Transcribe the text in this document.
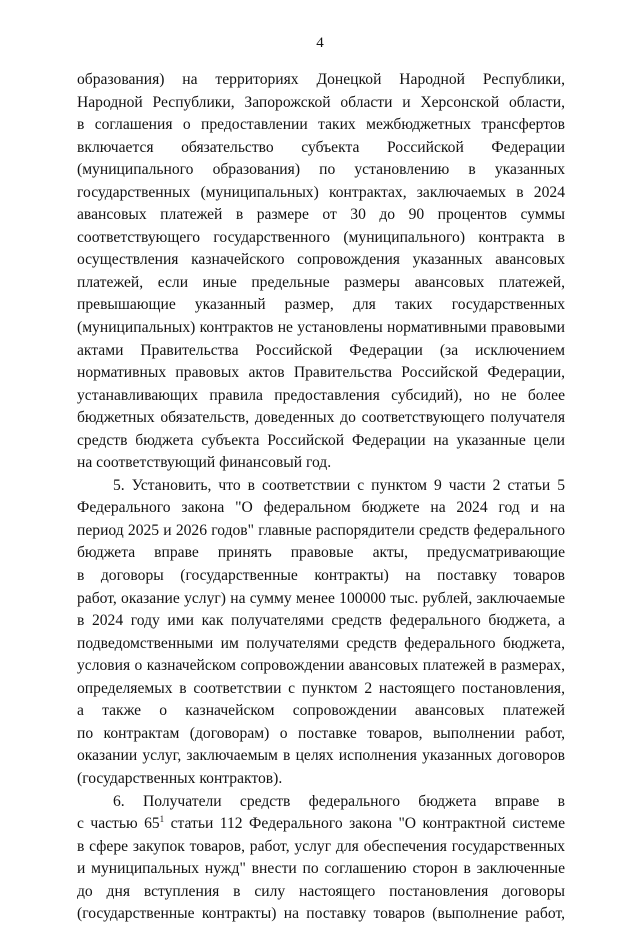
4
образования) на территориях Донецкой Народной Республики,
Народной Республики, Запорожской области и Херсонской области,
в соглашения о предоставлении таких межбюджетных трансфертов
включается обязательство субъекта Российской Федерации
(муниципального образования) по установлению в указанных
государственных (муниципальных) контрактах, заключаемых в 2024
авансовых платежей в размере от 30 до 90 процентов суммы
соответствующего государственного (муниципального) контракта в
осуществления казначейского сопровождения указанных авансовых
платежей, если иные предельные размеры авансовых платежей,
превышающие указанный размер, для таких государственных
(муниципальных) контрактов не установлены нормативными правовыми
актами Правительства Российской Федерации (за исключением
нормативных правовых актов Правительства Российской Федерации,
устанавливающих правила предоставления субсидий), но не более
бюджетных обязательств, доведенных до соответствующего получателя
средств бюджета субъекта Российской Федерации на указанные цели
на соответствующий финансовый год.
5. Установить, что в соответствии с пунктом 9 части 2 статьи 5
Федерального закона "О федеральном бюджете на 2024 год и на
период 2025 и 2026 годов" главные распорядители средств федерального
бюджета вправе принять правовые акты, предусматривающие
в договоры (государственные контракты) на поставку товаров
работ, оказание услуг) на сумму менее 100000 тыс. рублей, заключаемые
в 2024 году ими как получателями средств федерального бюджета, а
подведомственными им получателями средств федерального бюджета,
условия о казначейском сопровождении авансовых платежей в размерах,
определяемых в соответствии с пунктом 2 настоящего постановления,
а также о казначейском сопровождении авансовых платежей
по контрактам (договорам) о поставке товаров, выполнении работ,
оказании услуг, заключаемым в целях исполнения указанных договоров
(государственных контрактов).
6. Получатели средств федерального бюджета вправе в
с частью $65^1$ статьи 112 Федерального закона "О контрактной системе
в сфере закупок товаров, работ, услуг для обеспечения государственных
и муниципальных нужд" внести по соглашению сторон в заключенные
до дня вступления в силу настоящего постановления договоры
(государственные контракты) на поставку товаров (выполнение работ,
